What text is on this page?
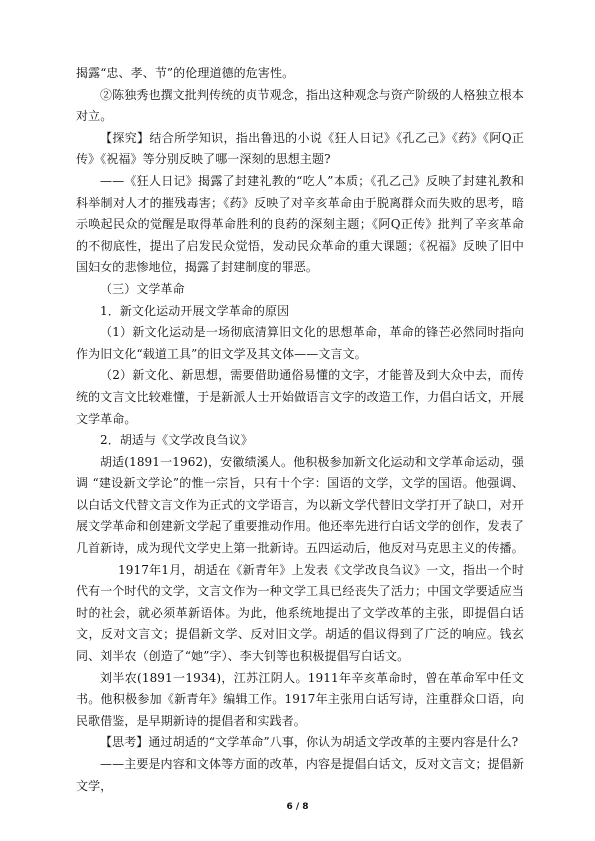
揭露“忠、孝、节”的伦理道德的危害性。

②陈独秀也撰文批判传统的贞节观念，指出这种观念与资产阶级的人格独立根本对立。

【探究】结合所学知识，指出鲁迅的小说《狂人日记》《孔乙己》《药》《阿Q正传》《祝福》等分别反映了哪一深刻的思想主题?

——《狂人日记》揭露了封建礼教的“吃人”本质；《孔乙己》反映了封建礼教和科举制对人才的摧残毒害；《药》反映了对辛亥革命由于脱离群众而失败的思考，暗示唤起民众的觉醒是取得革命胜利的良药的深刻主题；《阿Q正传》批判了辛亥革命的不彻底性，提出了启发民众觉悟，发动民众革命的重大课题；《祝福》反映了旧中国妇女的悲惨地位，揭露了封建制度的罪恶。

（三）文学革命

1．新文化运动开展文学革命的原因

（1）新文化运动是一场彻底清算旧文化的思想革命，革命的锋芒必然同时指向作为旧文化“载道工具”的旧文学及其文体——文言文。

（2）新文化、新思想，需要借助通俗易懂的文字，才能普及到大众中去，而传统的文言文比较难懂，于是新派人士开始做语言文字的改造工作，力倡白话文，开展文学革命。

2．胡适与《文学改良刍议》

胡适(1891一1962)，安徽绩溪人。他积极参加新文化运动和文学革命运动，强调 “建设新文学论”的惟一宗旨，只有十个字：国语的文学，文学的国语。他强调、以白话文代替文言文作为正式的文学语言，为以新文学代替旧文学打开了缺口，对开展文学革命和创建新文学起了重要推动作用。他还率先进行白话文学的创作，发表了几首新诗，成为现代文学史上第一批新诗。五四运动后，他反对马克思主义的传播。

1917年1月，胡适在《新青年》上发表《文学改良刍议》一文，指出一个时代有一个时代的文学，文言文作为一种文学工具已经丧失了活力；中国文学要适应当时的社会，就必须革新语体。为此，他系统地提出了文学改革的主张，即提倡白话文，反对文言文；提倡新文学、反对旧文学。胡适的倡议得到了广泛的响应。钱玄同、刘半农（创造了“她”字）、李大钊等也积极提倡写白话文。

刘半农(1891一1934)，江苏江阴人。1911年辛亥革命时，曾在革命军中任文书。他积极参加《新青年》编辑工作。1917年主张用白话写诗，注重群众口语，向民歌借鉴，是早期新诗的提倡者和实践者。

【思考】通过胡适的“文学革命”八事，你认为胡适文学改革的主要内容是什么?

——主要是内容和文体等方面的改革，内容是提倡白话文，反对文言文；提倡新文学，

6 / 8
